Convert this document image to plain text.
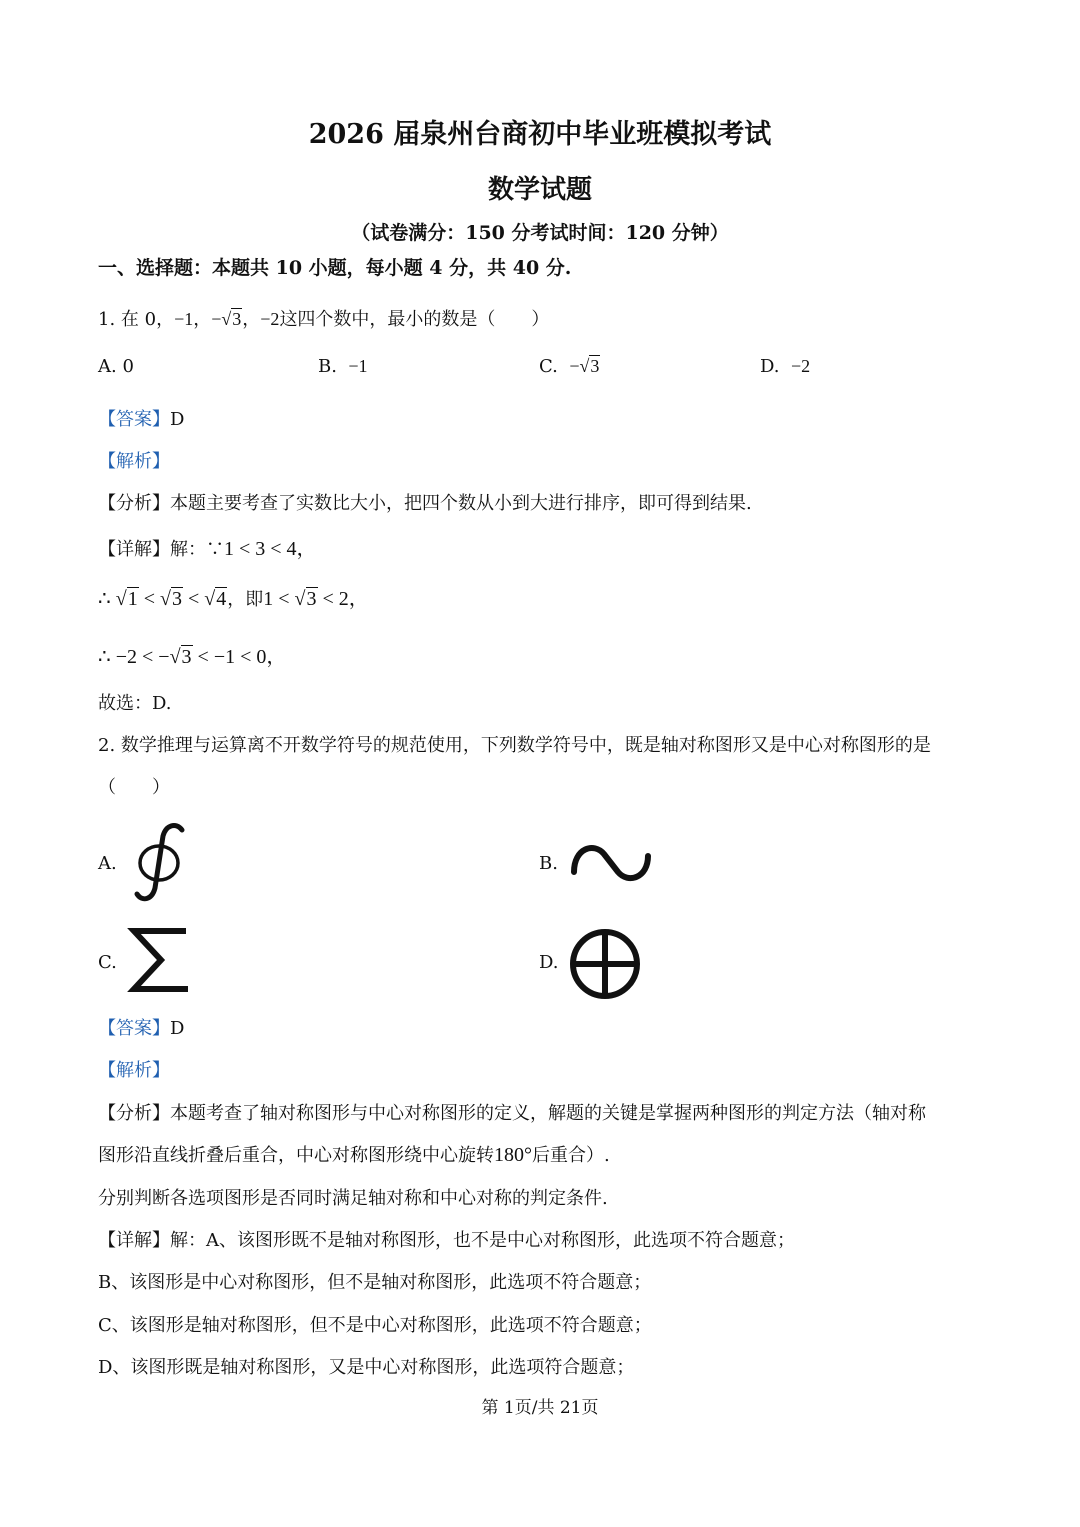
2026 届泉州台商初中毕业班模拟考试
数学试题
（试卷满分：150 分考试时间：120 分钟）
一、选择题：本题共 10 小题，每小题 4 分，共 40 分.
1. 在 0，−1，−√3，−2这四个数中，最小的数是（　　）
A. 0	B. −1	C. −√3	D. −2
【答案】D
【解析】
【分析】本题主要考查了实数比大小，把四个数从小到大进行排序，即可得到结果.
【详解】解：∵1 < 3 < 4，
∴ √1 < √3 < √4，即1 < √3 < 2，
∴ −2 < −√3 < −1 < 0，
故选：D.
2. 数学推理与运算离不开数学符号的规范使用，下列数学符号中，既是轴对称图形又是中心对称图形的是
（　　）
A.	B.
C.	D.
【答案】D
【解析】
【分析】本题考查了轴对称图形与中心对称图形的定义，解题的关键是掌握两种图形的判定方法（轴对称
图形沿直线折叠后重合，中心对称图形绕中心旋转180°后重合）.
分别判断各选项图形是否同时满足轴对称和中心对称的判定条件.
【详解】解：A、该图形既不是轴对称图形，也不是中心对称图形，此选项不符合题意；
B、该图形是中心对称图形，但不是轴对称图形，此选项不符合题意；
C、该图形是轴对称图形，但不是中心对称图形，此选项不符合题意；
D、该图形既是轴对称图形，又是中心对称图形，此选项符合题意；
第 1页/共 21页
